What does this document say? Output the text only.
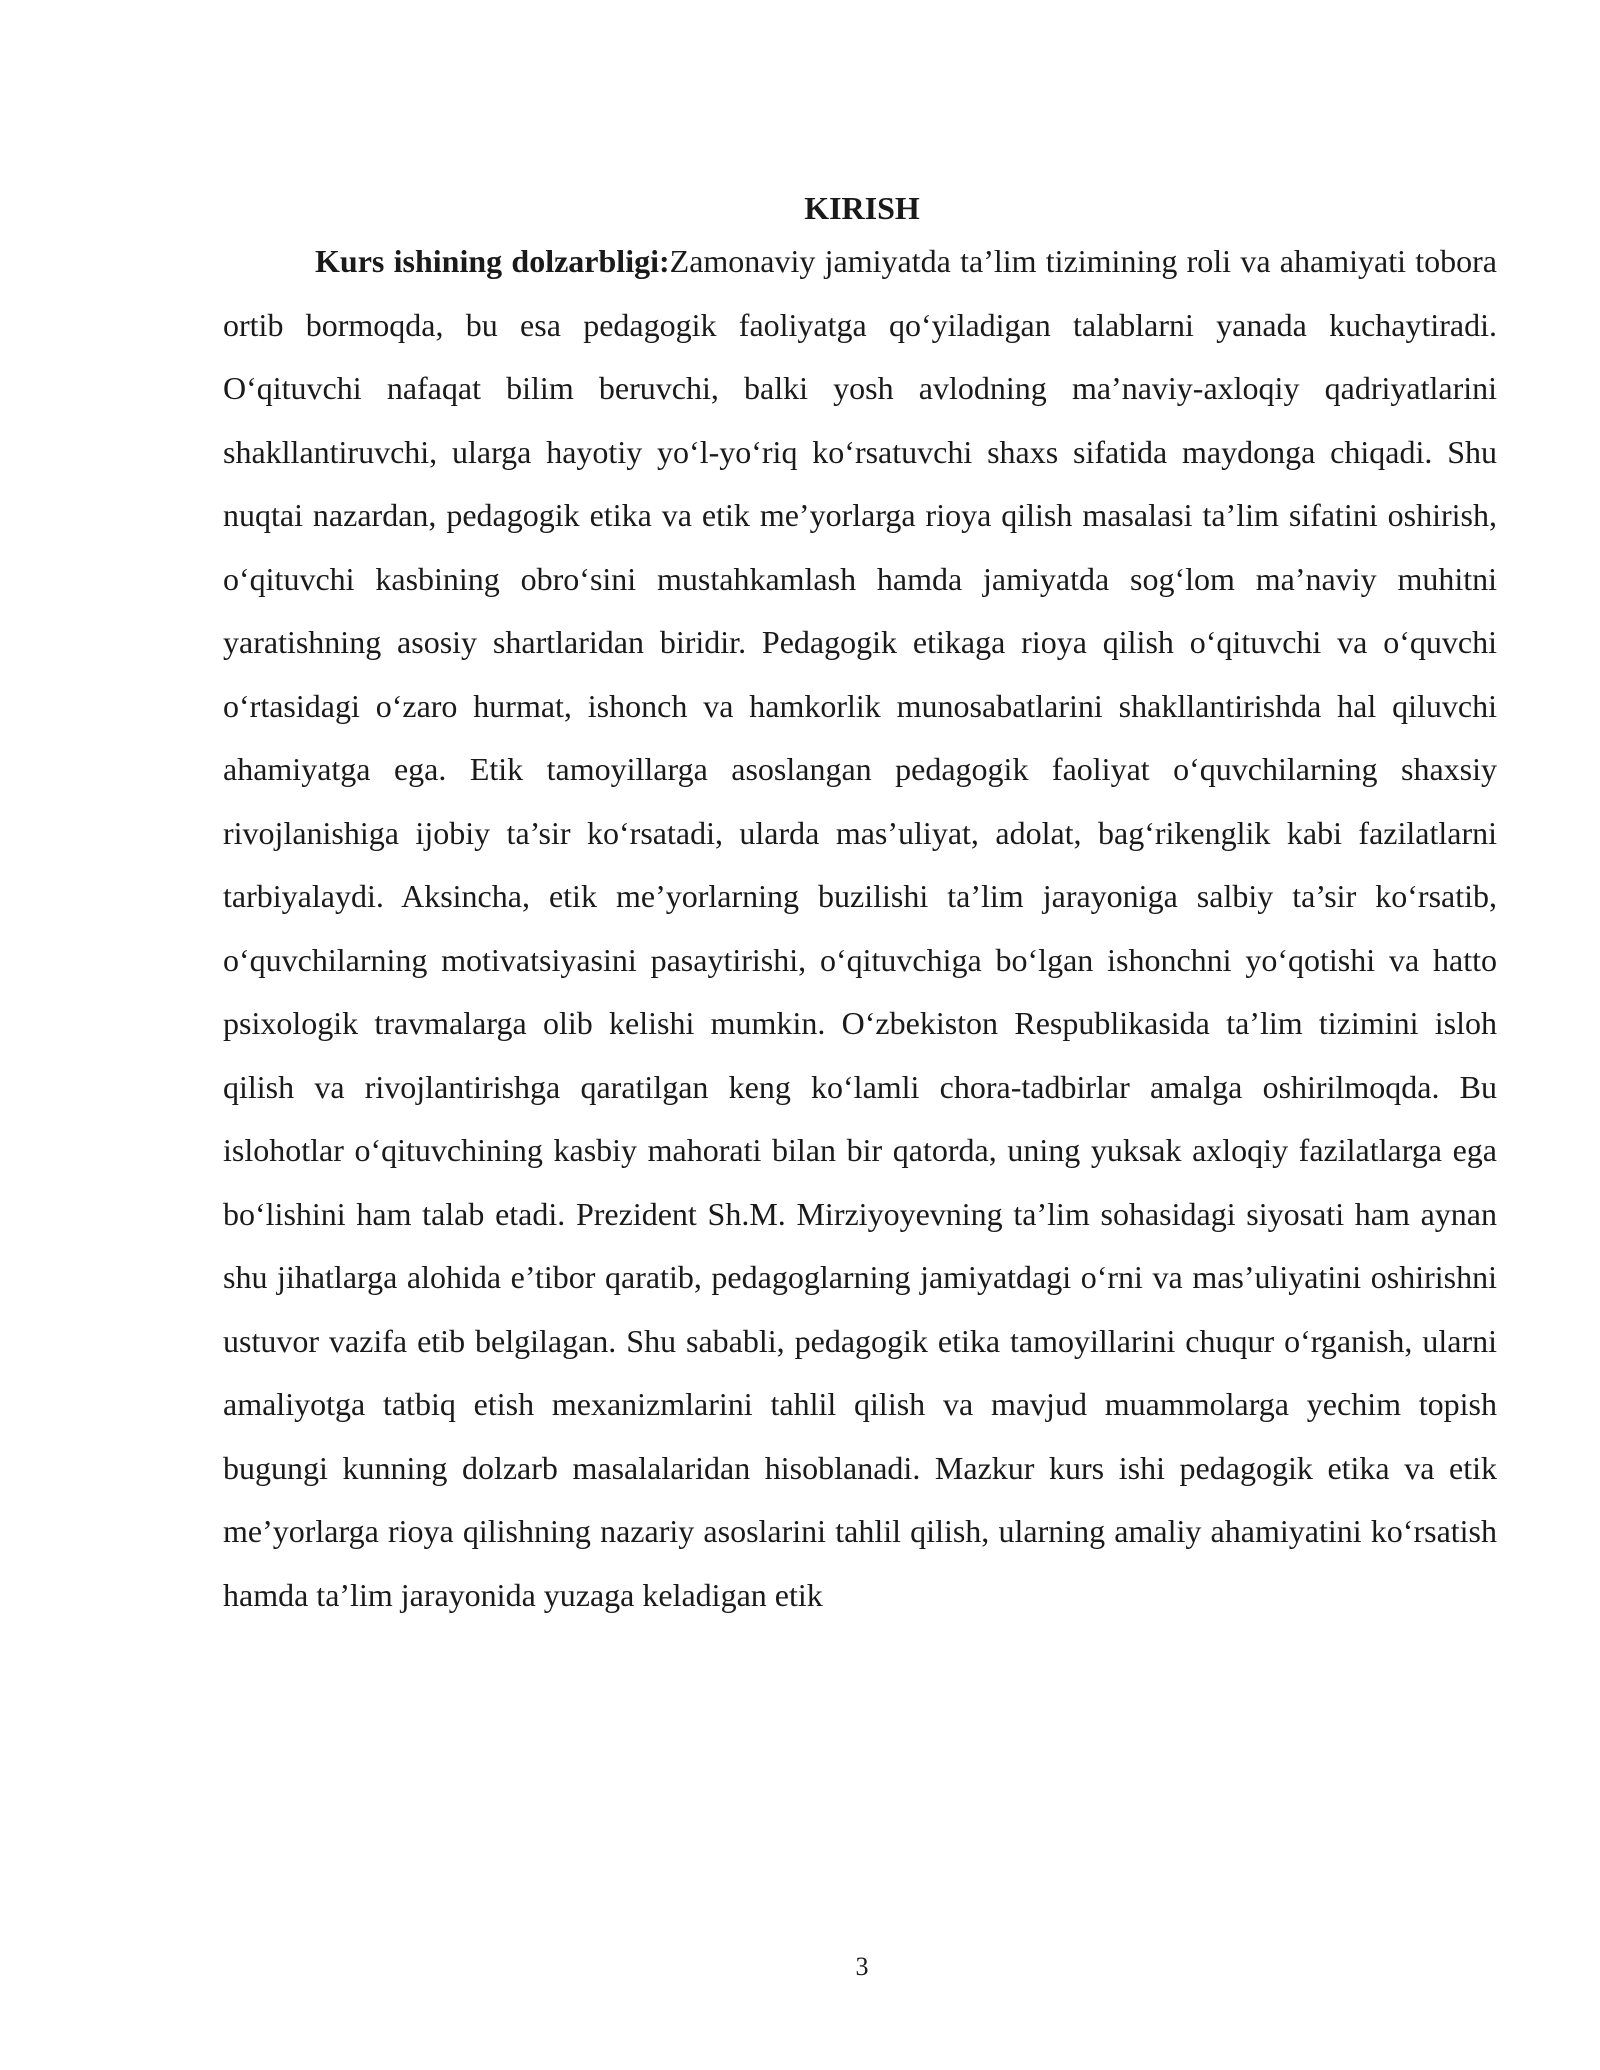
KIRISH

Kurs ishining dolzarbligi:Zamonaviy jamiyatda ta’lim tizimining roli va ahamiyati tobora ortib bormoqda, bu esa pedagogik faoliyatga qo‘yiladigan talablarni yanada kuchaytiradi. O‘qituvchi nafaqat bilim beruvchi, balki yosh avlodning ma’naviy-axloqiy qadriyatlarini shakllantiruvchi, ularga hayotiy yo‘l-yo‘riq ko‘rsatuvchi shaxs sifatida maydonga chiqadi. Shu nuqtai nazardan, pedagogik etika va etik me’yorlarga rioya qilish masalasi ta’lim sifatini oshirish, o‘qituvchi kasbining obro‘sini mustahkamlash hamda jamiyatda sog‘lom ma’naviy muhitni yaratishning asosiy shartlaridan biridir. Pedagogik etikaga rioya qilish o‘qituvchi va o‘quvchi o‘rtasidagi o‘zaro hurmat, ishonch va hamkorlik munosabatlarini shakllantirishda hal qiluvchi ahamiyatga ega. Etik tamoyillarga asoslangan pedagogik faoliyat o‘quvchilarning shaxsiy rivojlanishiga ijobiy ta’sir ko‘rsatadi, ularda mas’uliyat, adolat, bag‘rikenglik kabi fazilatlarni tarbiyalaydi. Aksincha, etik me’yorlarning buzilishi ta’lim jarayoniga salbiy ta’sir ko‘rsatib, o‘quvchilarning motivatsiyasini pasaytirishi, o‘qituvchiga bo‘lgan ishonchni yo‘qotishi va hatto psixologik travmalarga olib kelishi mumkin. O‘zbekiston Respublikasida ta’lim tizimini isloh qilish va rivojlantirishga qaratilgan keng ko‘lamli chora-tadbirlar amalga oshirilmoqda. Bu islohotlar o‘qituvchining kasbiy mahorati bilan bir qatorda, uning yuksak axloqiy fazilatlarga ega bo‘lishini ham talab etadi. Prezident Sh.M. Mirziyoyevning ta’lim sohasidagi siyosati ham aynan shu jihatlarga alohida e’tibor qaratib, pedagoglarning jamiyatdagi o‘rni va mas’uliyatini oshirishni ustuvor vazifa etib belgilagan. Shu sababli, pedagogik etika tamoyillarini chuqur o‘rganish, ularni amaliyotga tatbiq etish mexanizmlarini tahlil qilish va mavjud muammolarga yechim topish bugungi kunning dolzarb masalalaridan hisoblanadi. Mazkur kurs ishi pedagogik etika va etik me’yorlarga rioya qilishning nazariy asoslarini tahlil qilish, ularning amaliy ahamiyatini ko‘rsatish hamda ta’lim jarayonida yuzaga keladigan etik

3
